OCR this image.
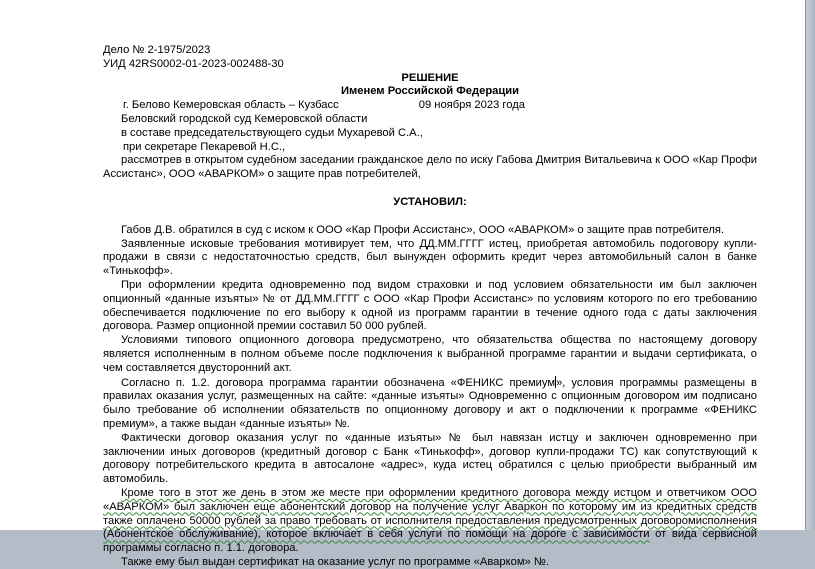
Дело № 2-1975/2023

УИД 42RS0002-01-2023-002488-30

РЕШЕНИЕ

Именем Российской Федерации

г. Белово Кемеровская область – Кузбасс	09 ноября 2023 года

Беловский городской суд Кемеровской области

в составе председательствующего судьи Мухаревой С.А.,

при секретаре Пекаревой Н.С.,

рассмотрев в открытом судебном заседании гражданское дело по иску Габова Дмитрия Витальевича к ООО «Кар Профи Ассистанс», ООО «АВАРКОМ» о защите прав потребителей,

УСТАНОВИЛ:

Габов Д.В. обратился в суд с иском к ООО «Кар Профи Ассистанс», ООО «АВАРКОМ» о защите прав потребителя.

Заявленные исковые требования мотивирует тем, что ДД.ММ.ГГГГ истец, приобретая автомобиль подоговору купли-продажи в связи с недостаточностью средств, был вынужден оформить кредит через автомобильный салон в банке «Тинькофф».

При оформлении кредита одновременно под видом страховки и под условием обязательности им был заключен опционный «данные изъяты» № от ДД.ММ.ГГГГ с ООО «Кар Профи Ассистанс» по условиям которого по его требованию обеспечивается подключение по его выбору к одной из программ гарантии в течение одного года с даты заключения договора. Размер опционной премии составил 50 000 рублей.

Условиями типового опционного договора предусмотрено, что обязательства общества по настоящему договору является исполненным в полном объеме после подключения к выбранной программе гарантии и выдачи сертификата, о чем составляется двусторонний акт.

Согласно п. 1.2. договора программа гарантии обозначена «ФЕНИКС премиум», условия программы размещены в правилах оказания услуг, размещенных на сайте: «данные изъяты» Одновременно с опционным договором им подписано было требование об исполнении обязательств по опционному договору и акт о подключении к программе «ФЕНИКС премиум», а также выдан «данные изъяты» №.

Фактически договор оказания услуг по «данные изъяты» № был навязан истцу и заключен одновременно при заключении иных договоров (кредитный договор с Банк «Тинькофф», договор купли-продажи ТС) как сопутствующий к договору потребительского кредита в автосалоне «адрес», куда истец обратился с целью приобрести выбранный им автомобиль.

Кроме того в этот же день в этом же месте при оформлении кредитного договора между истцом и ответчиком ООО «АВАРКОМ» был заключен еще абонентский договор на получение услуг Аваркон по которому им из кредитных средств также оплачено 50000 рублей за право требовать от исполнителя предоставления предусмотренных договоромисполнения (Абонентское обслуживание), которое включает в себя услуги по помощи на дороге с зависимости от вида сервисной программы согласно п. 1.1. договора.

Также ему был выдан сертификат на оказание услуг по программе «Аварком» №.
